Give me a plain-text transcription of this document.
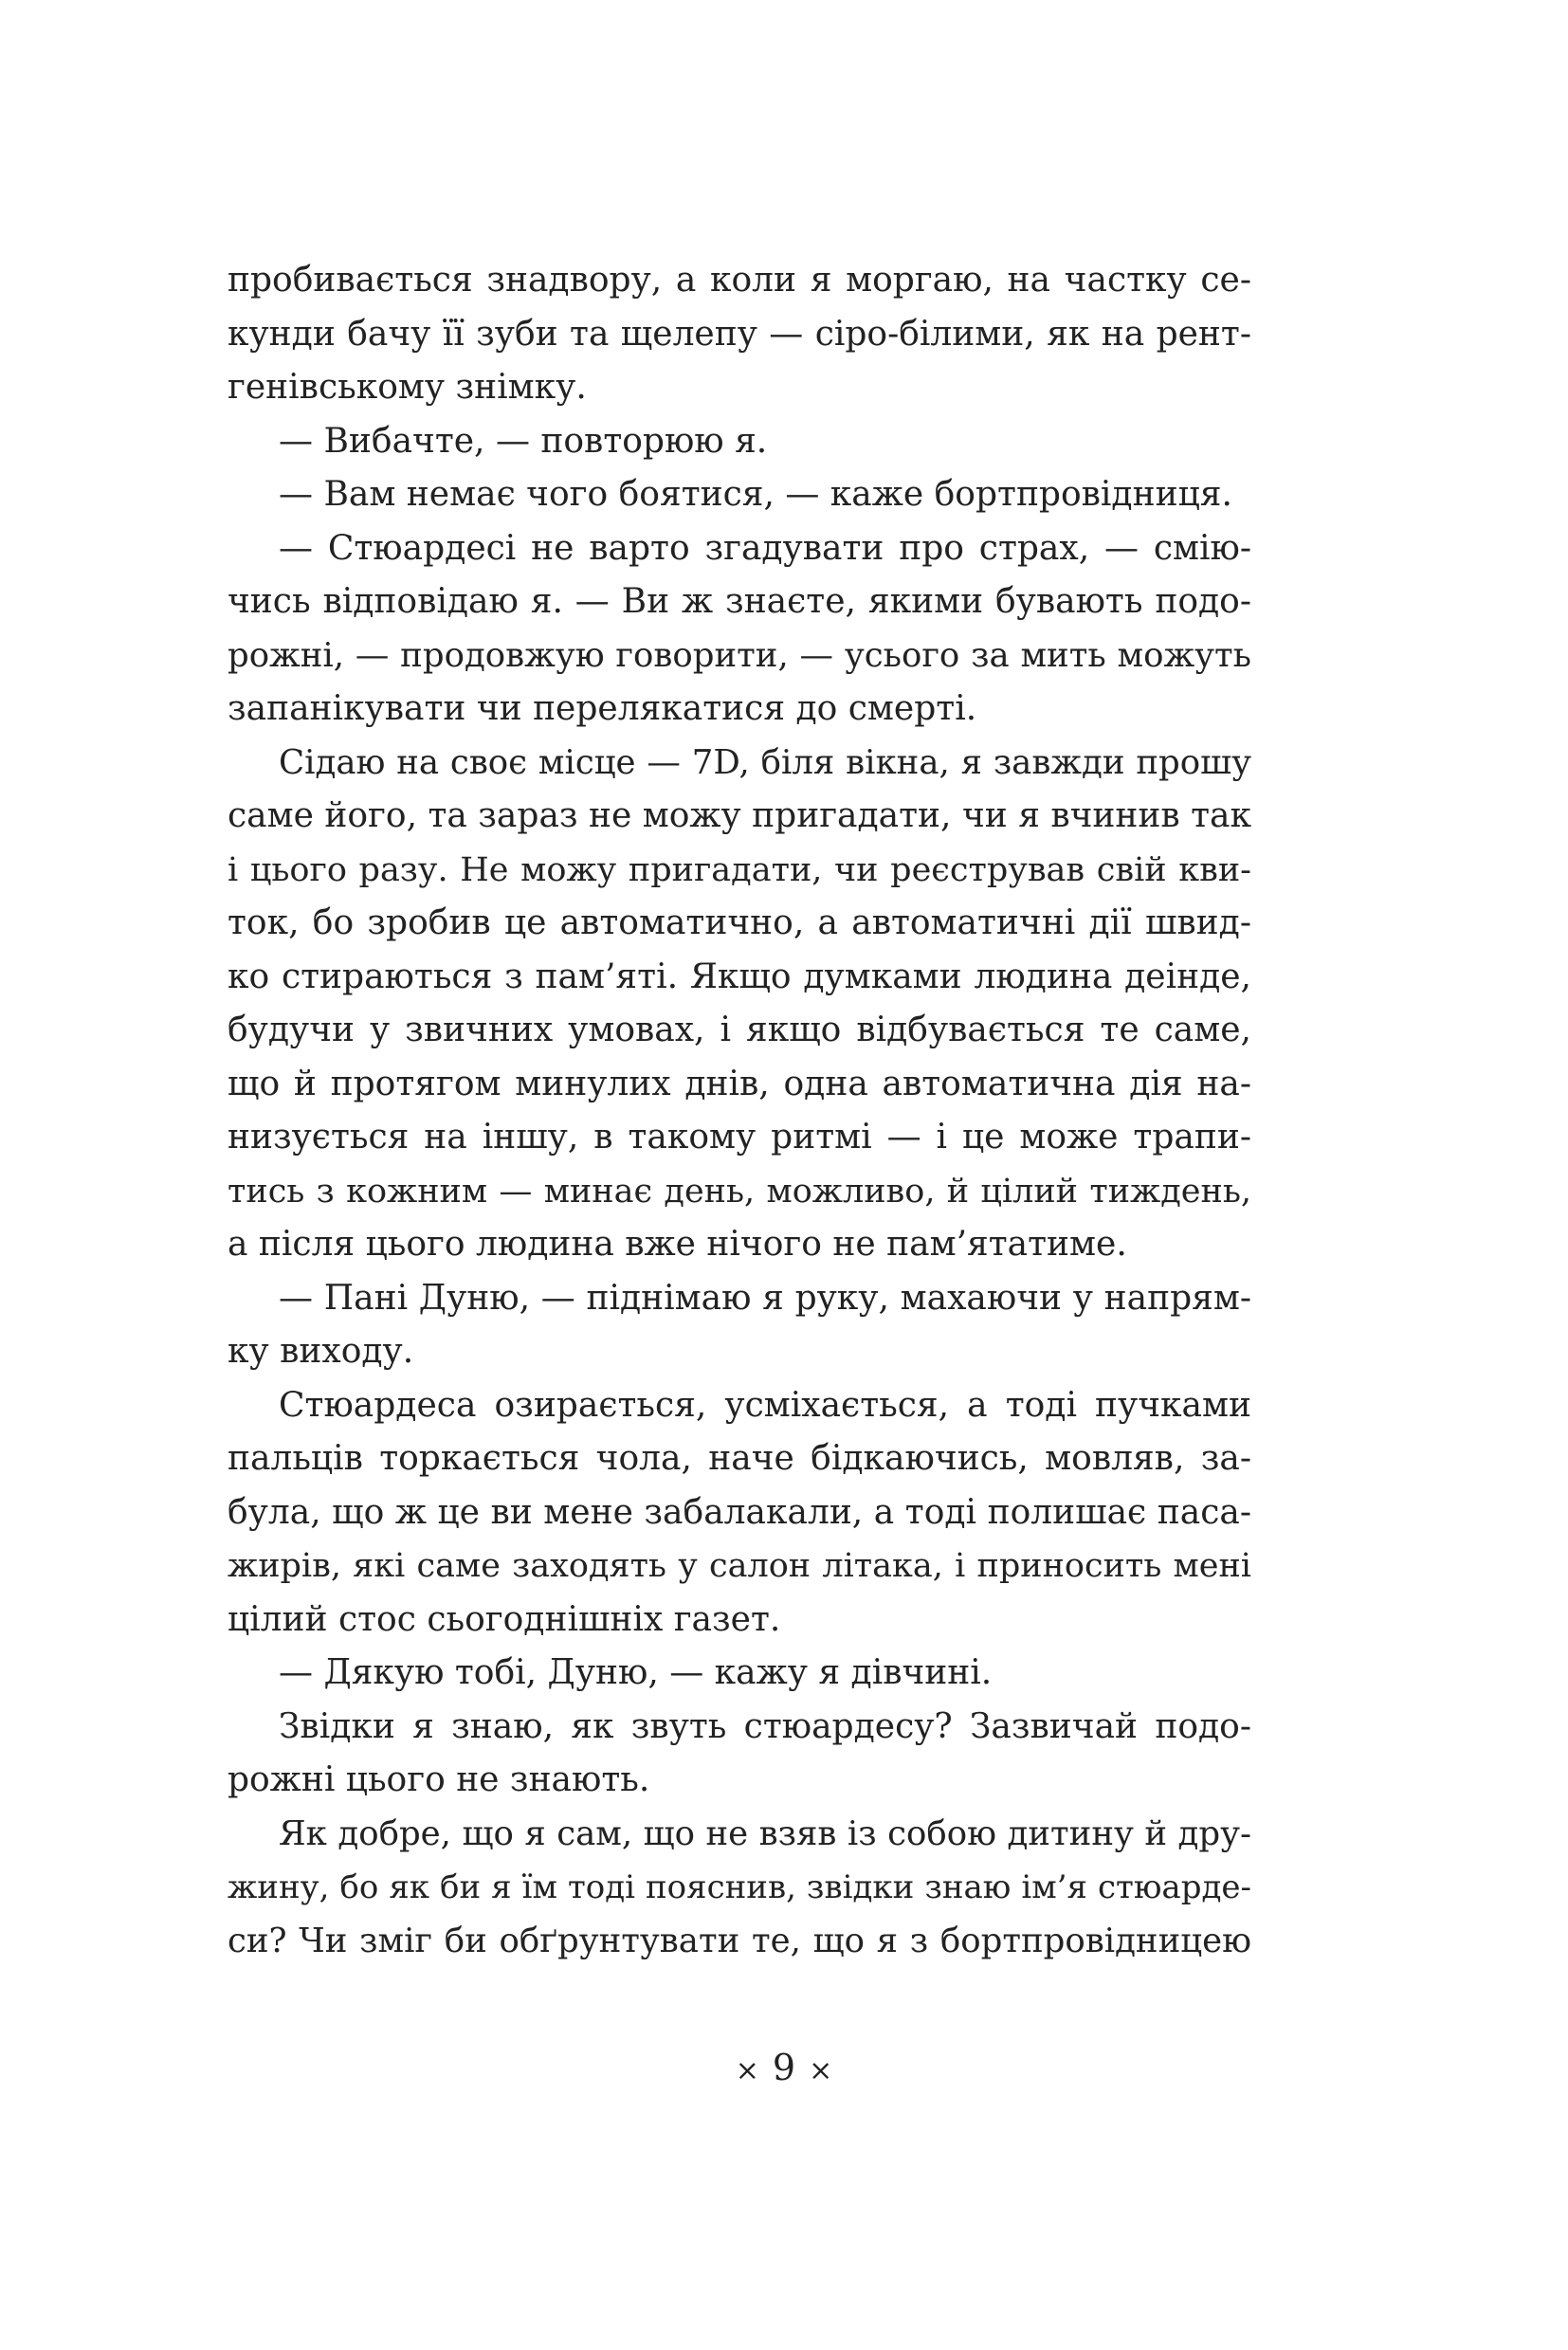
пробивається знадвору, а коли я моргаю, на частку се-
кунди бачу її зуби та щелепу — сіро-білими, як на рент-
генівському знімку.
— Вибачте, — повторюю я.
— Вам немає чого боятися, — каже бортпровідниця.
— Стюардесі не варто згадувати про страх, — смію-
чись відповідаю я. — Ви ж знаєте, якими бувають подо-
рожні, — продовжую говорити, — усього за мить можуть
запанікувати чи перелякатися до смерті.
Сідаю на своє місце — 7D, біля вікна, я завжди прошу
саме його, та зараз не можу пригадати, чи я вчинив так
і цього разу. Не можу пригадати, чи реєстрував свій кви-
ток, бо зробив це автоматично, а автоматичні дії швид-
ко стираються з пам’яті. Якщо думками людина деінде,
будучи у звичних умовах, і якщо відбувається те саме,
що й протягом минулих днів, одна автоматична дія на-
низується на іншу, в такому ритмі — і це може трапи-
тись з кожним — минає день, можливо, й цілий тиждень,
а після цього людина вже нічого не пам’ятатиме.
— Пані Дуню, — піднімаю я руку, махаючи у напрям-
ку виходу.
Стюардеса озирається, усміхається, а тоді пучками
пальців торкається чола, наче бідкаючись, мовляв, за-
була, що ж це ви мене забалакали, а тоді полишає паса-
жирів, які саме заходять у салон літака, і приносить мені
цілий стос сьогоднішніх газет.
— Дякую тобі, Дуню, — кажу я дівчині.
Звідки я знаю, як звуть стюардесу? Зазвичай подо-
рожні цього не знають.
Як добре, що я сам, що не взяв із собою дитину й дру-
жину, бо як би я їм тоді пояснив, звідки знаю ім’я стюарде-
си? Чи зміг би обґрунтувати те, що я з бортпровідницею
× 9 ×
